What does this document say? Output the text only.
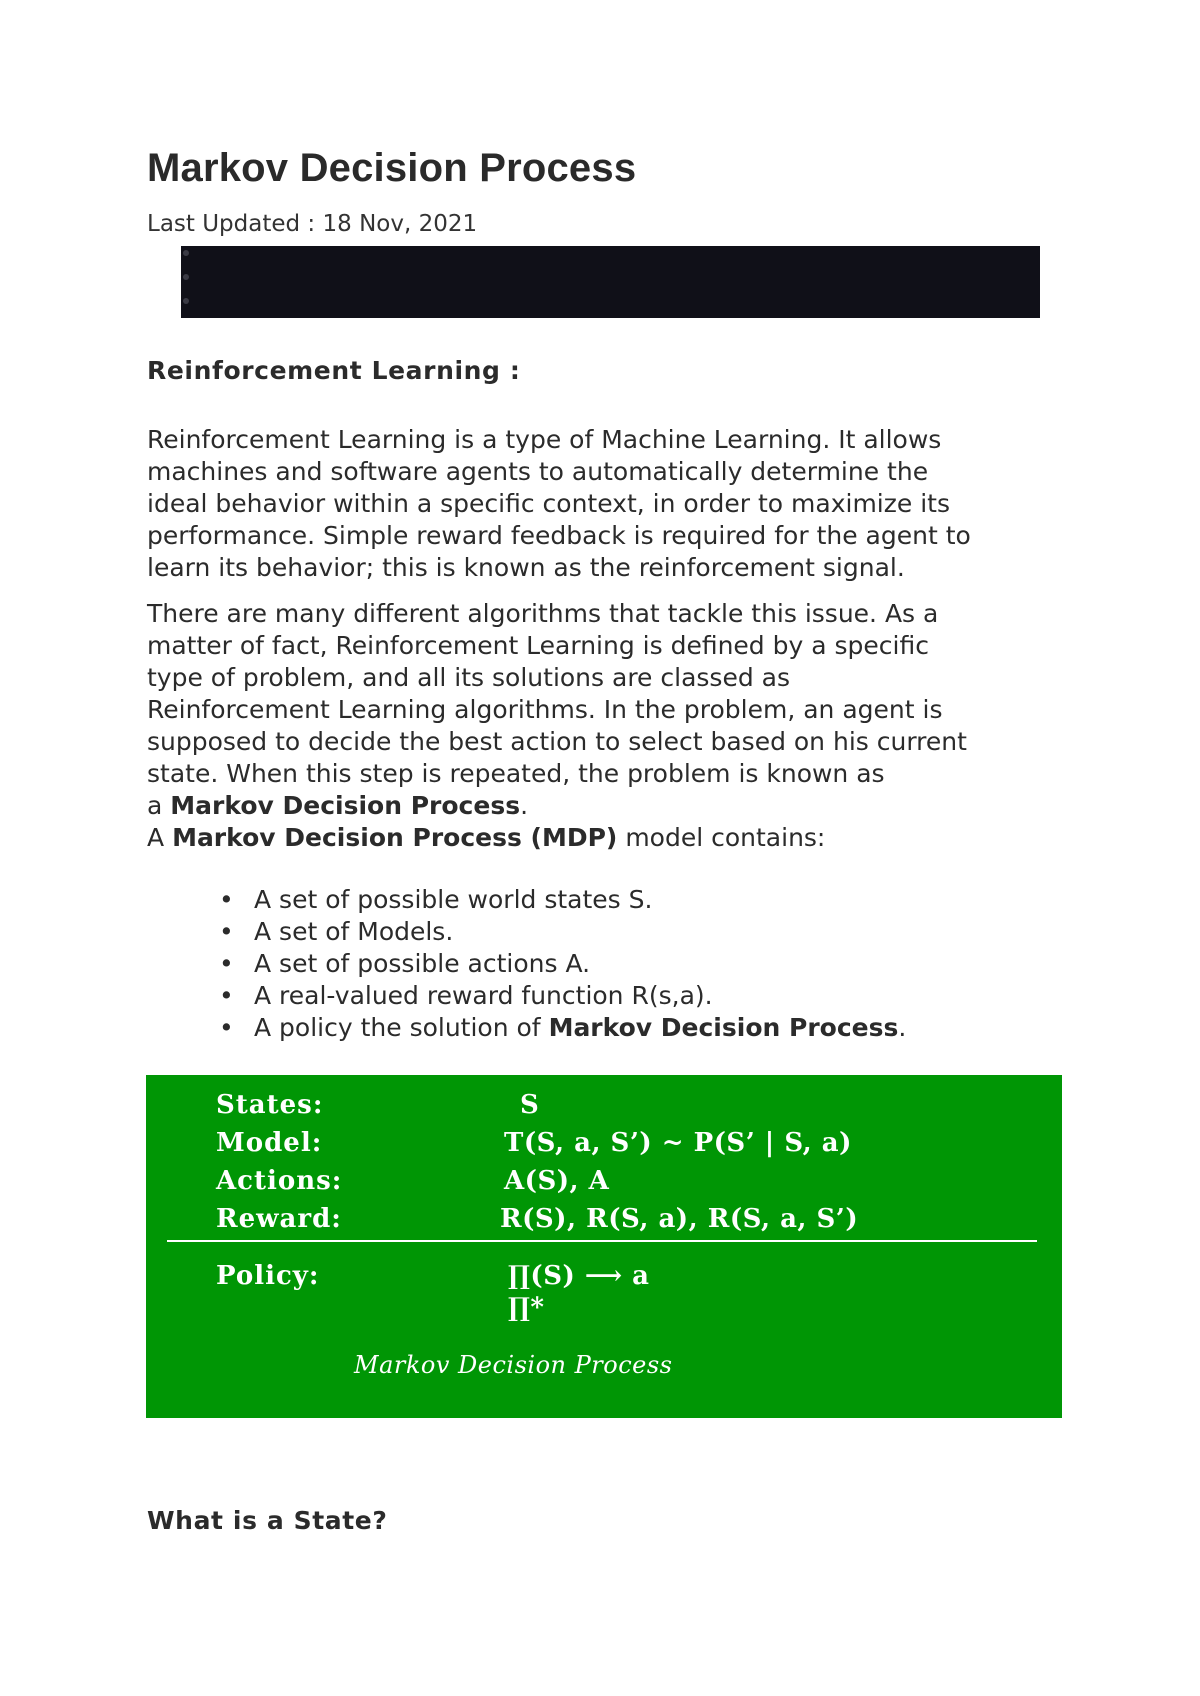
Markov Decision Process
Last Updated : 18 Nov, 2021
Reinforcement Learning :
Reinforcement Learning is a type of Machine Learning. It allows
machines and software agents to automatically determine the
ideal behavior within a specific context, in order to maximize its
performance. Simple reward feedback is required for the agent to
learn its behavior; this is known as the reinforcement signal.
There are many different algorithms that tackle this issue. As a
matter of fact, Reinforcement Learning is defined by a specific
type of problem, and all its solutions are classed as
Reinforcement Learning algorithms. In the problem, an agent is
supposed to decide the best action to select based on his current
state. When this step is repeated, the problem is known as
a Markov Decision Process.
A Markov Decision Process (MDP) model contains:
• A set of possible world states S.
• A set of Models.
• A set of possible actions A.
• A real-valued reward function R(s,a).
• A policy the solution of Markov Decision Process.
States:	S
Model:	T(S, a, S’) ~ P(S’ | S, a)
Actions:	A(S), A
Reward:	R(S), R(S, a), R(S, a, S’)
Policy:	∏(S) ⟶ a
∏*
Markov Decision Process
What is a State?
